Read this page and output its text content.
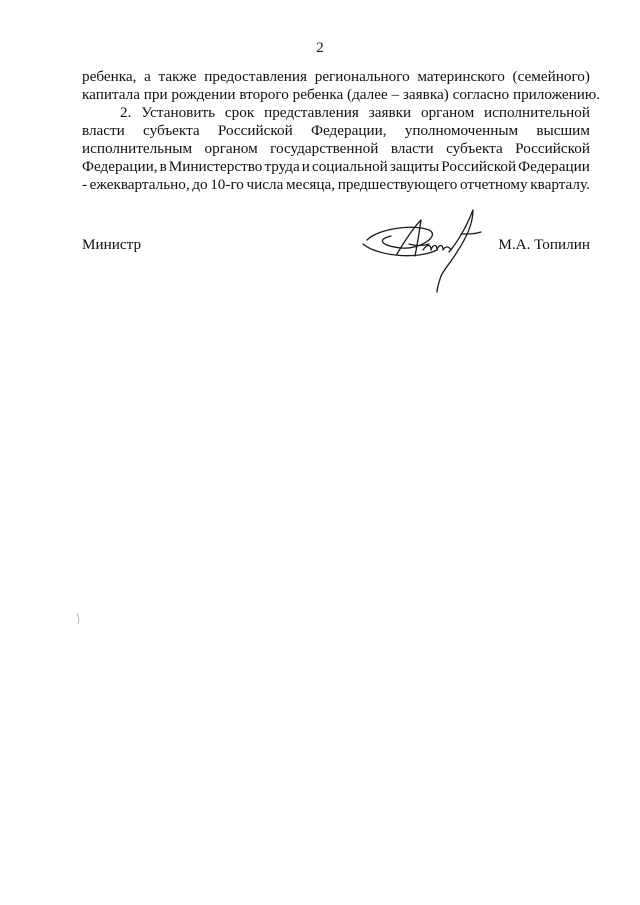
2
ребенка, а также предоставления регионального материнского (семейного)
капитала при рождении второго ребенка (далее – заявка) согласно приложению.
2. Установить срок представления заявки органом исполнительной
власти субъекта Российской Федерации, уполномоченным высшим
исполнительным органом государственной власти субъекта Российской
Федерации, в Министерство труда и социальной защиты Российской Федерации
- ежеквартально, до 10-го числа месяца, предшествующего отчетному кварталу.
Министр	М.А. Топилин
